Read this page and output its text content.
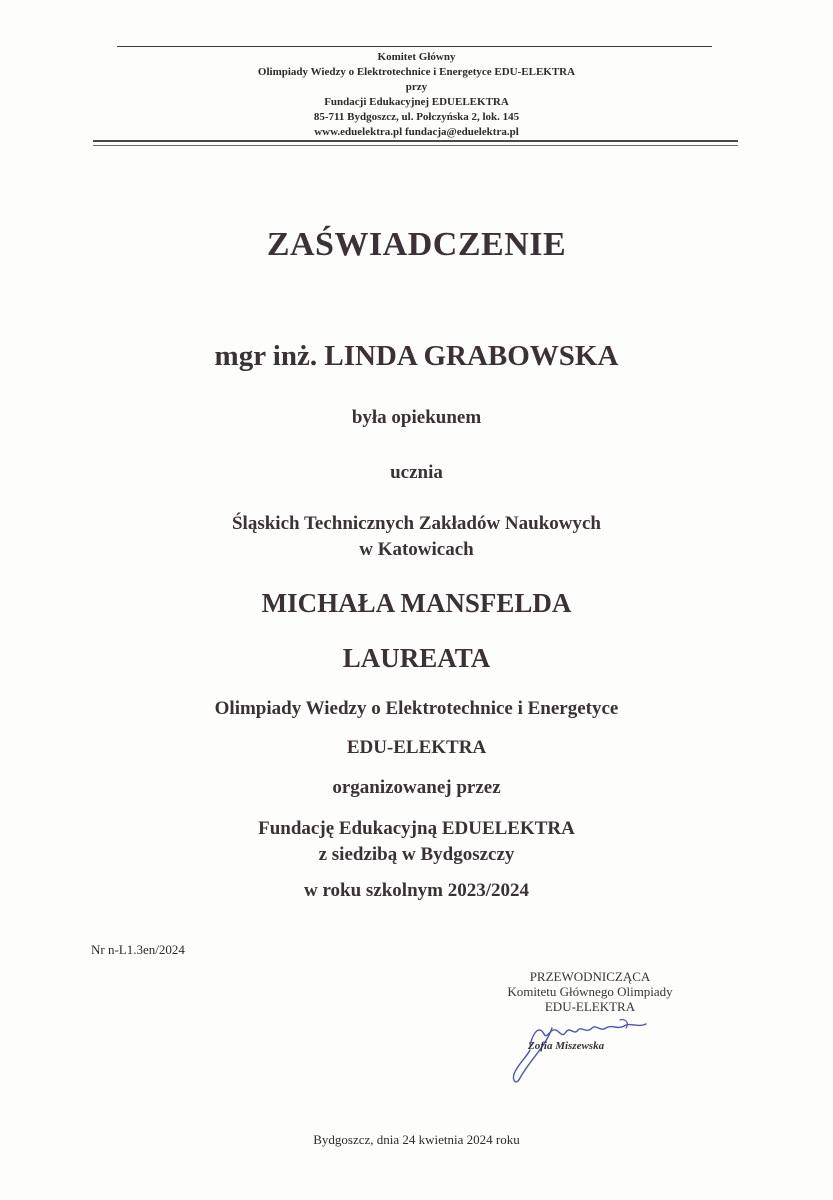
Komitet Główny
Olimpiady Wiedzy o Elektrotechnice i Energetyce EDU-ELEKTRA
przy
Fundacji Edukacyjnej EDUELEKTRA
85-711 Bydgoszcz, ul. Połczyńska 2, lok. 145
www.eduelektra.pl fundacja@eduelektra.pl
ZAŚWIADCZENIE
mgr inż. LINDA GRABOWSKA
była opiekunem
ucznia
Śląskich Technicznych Zakładów Naukowych
w Katowicach
MICHAŁA MANSFELDA
LAUREATA
Olimpiady Wiedzy o Elektrotechnice i Energetyce
EDU-ELEKTRA
organizowanej przez
Fundację Edukacyjną EDUELEKTRA
z siedzibą w Bydgoszczy
w roku szkolnym 2023/2024
Nr n-L1.3en/2024
PRZEWODNICZĄCA
Komitetu Głównego Olimpiady
EDU-ELEKTRA
Zofia Miszewska
Bydgoszcz, dnia 24 kwietnia 2024 roku
